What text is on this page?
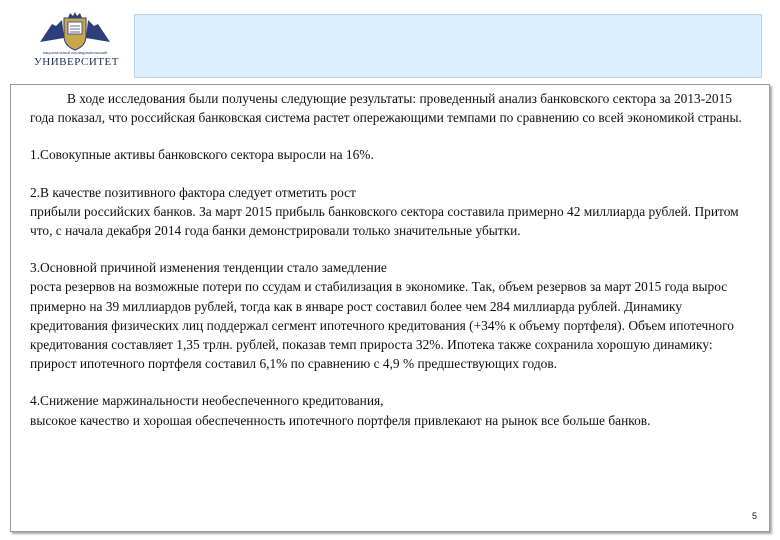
национальный исследовательский
УНИВЕРСИТЕТ

В ходе исследования были получены следующие результаты: проведенный анализ банковского сектора за 2013-2015 года показал, что российская банковская система растет опережающими темпами по сравнению со всей экономикой страны.

1.Совокупные активы банковского сектора выросли на 16%.

2.В качестве позитивного фактора следует отметить рост

прибыли российских банков. За март 2015 прибыль банковского сектора составила примерно 42 миллиарда рублей. Притом что, с начала декабря 2014 года банки демонстрировали только значительные убытки.

3.Основной причиной изменения тенденции стало замедление

роста резервов на возможные потери по ссудам и стабилизация в экономике. Так, объем резервов за март 2015 года вырос примерно на 39 миллиардов рублей, тогда как в январе рост составил более чем 284 миллиарда рублей. Динамику кредитования физических лиц поддержал сегмент ипотечного кредитования (+34% к объему портфеля). Объем ипотечного кредитования составляет 1,35 трлн. рублей, показав темп прироста 32%. Ипотека также сохранила хорошую динамику: прирост ипотечного портфеля составил 6,1% по сравнению с 4,9 % предшествующих годов.

4.Снижение маржинальности необеспеченного кредитования,

высокое качество и хорошая обеспеченность ипотечного портфеля привлекают на рынок все больше банков.

5
